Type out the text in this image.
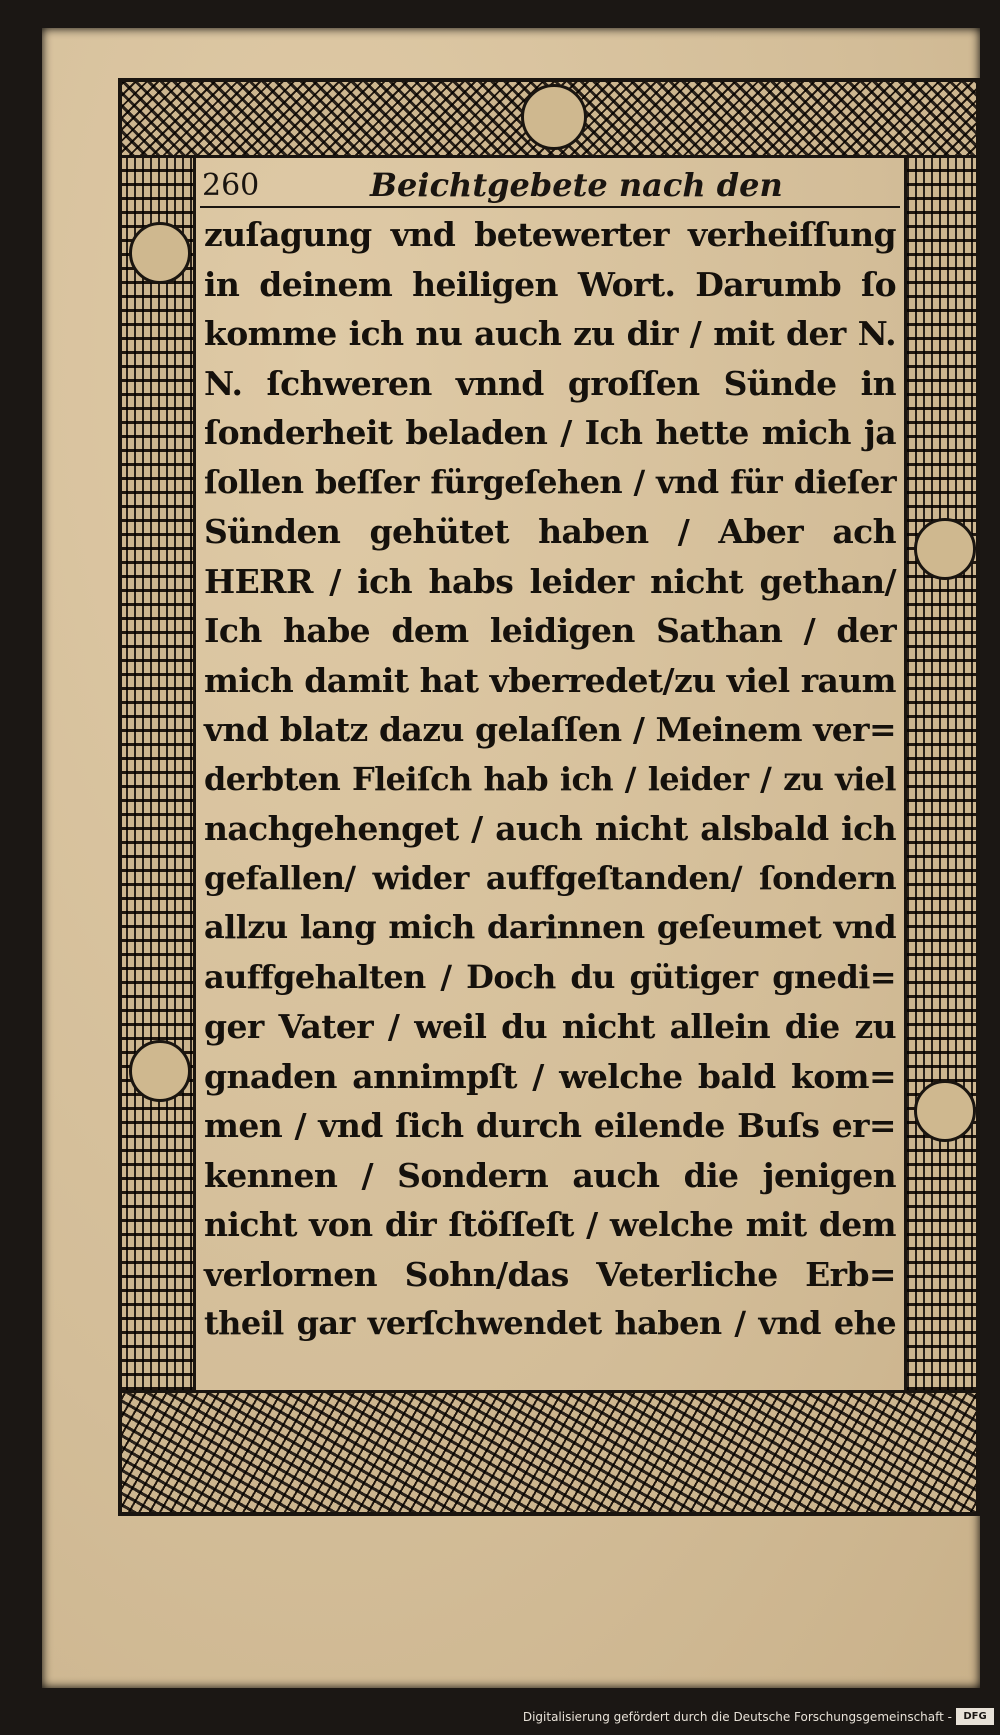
260	Beichtgebete nach den
zuſagung vnd betewerter verheiſſung
in deinem heiligen Wort. Darumb ſo
komme ich nu auch zu dir / mit der N.
N. ſchweren vnnd groſſen Sünde in
ſonderheit beladen / Ich hette mich ja
ſollen beſſer fürgeſehen / vnd für dieſer
Sünden gehütet haben / Aber ach
HERR / ich habs leider nicht gethan/
Ich habe dem leidigen Sathan / der
mich damit hat vberredet/zu viel raum
vnd blatz dazu gelaſſen / Meinem ver=
derbten Fleiſch hab ich / leider / zu viel
nachgehenget / auch nicht alsbald ich
gefallen/ wider auffgeſtanden/ ſondern
allzu lang mich darinnen geſeumet vnd
auffgehalten / Doch du gütiger gnedi=
ger Vater / weil du nicht allein die zu
gnaden annimpſt / welche bald kom=
men / vnd ſich durch eilende Buſs er=
kennen / Sondern auch die jenigen
nicht von dir ſtöſſeſt / welche mit dem
verlornen Sohn/das Veterliche Erb=
theil gar verſchwendet haben / vnd ehe
Digitalisierung gefördert durch die Deutsche Forschungsgemeinschaft -	DFG
